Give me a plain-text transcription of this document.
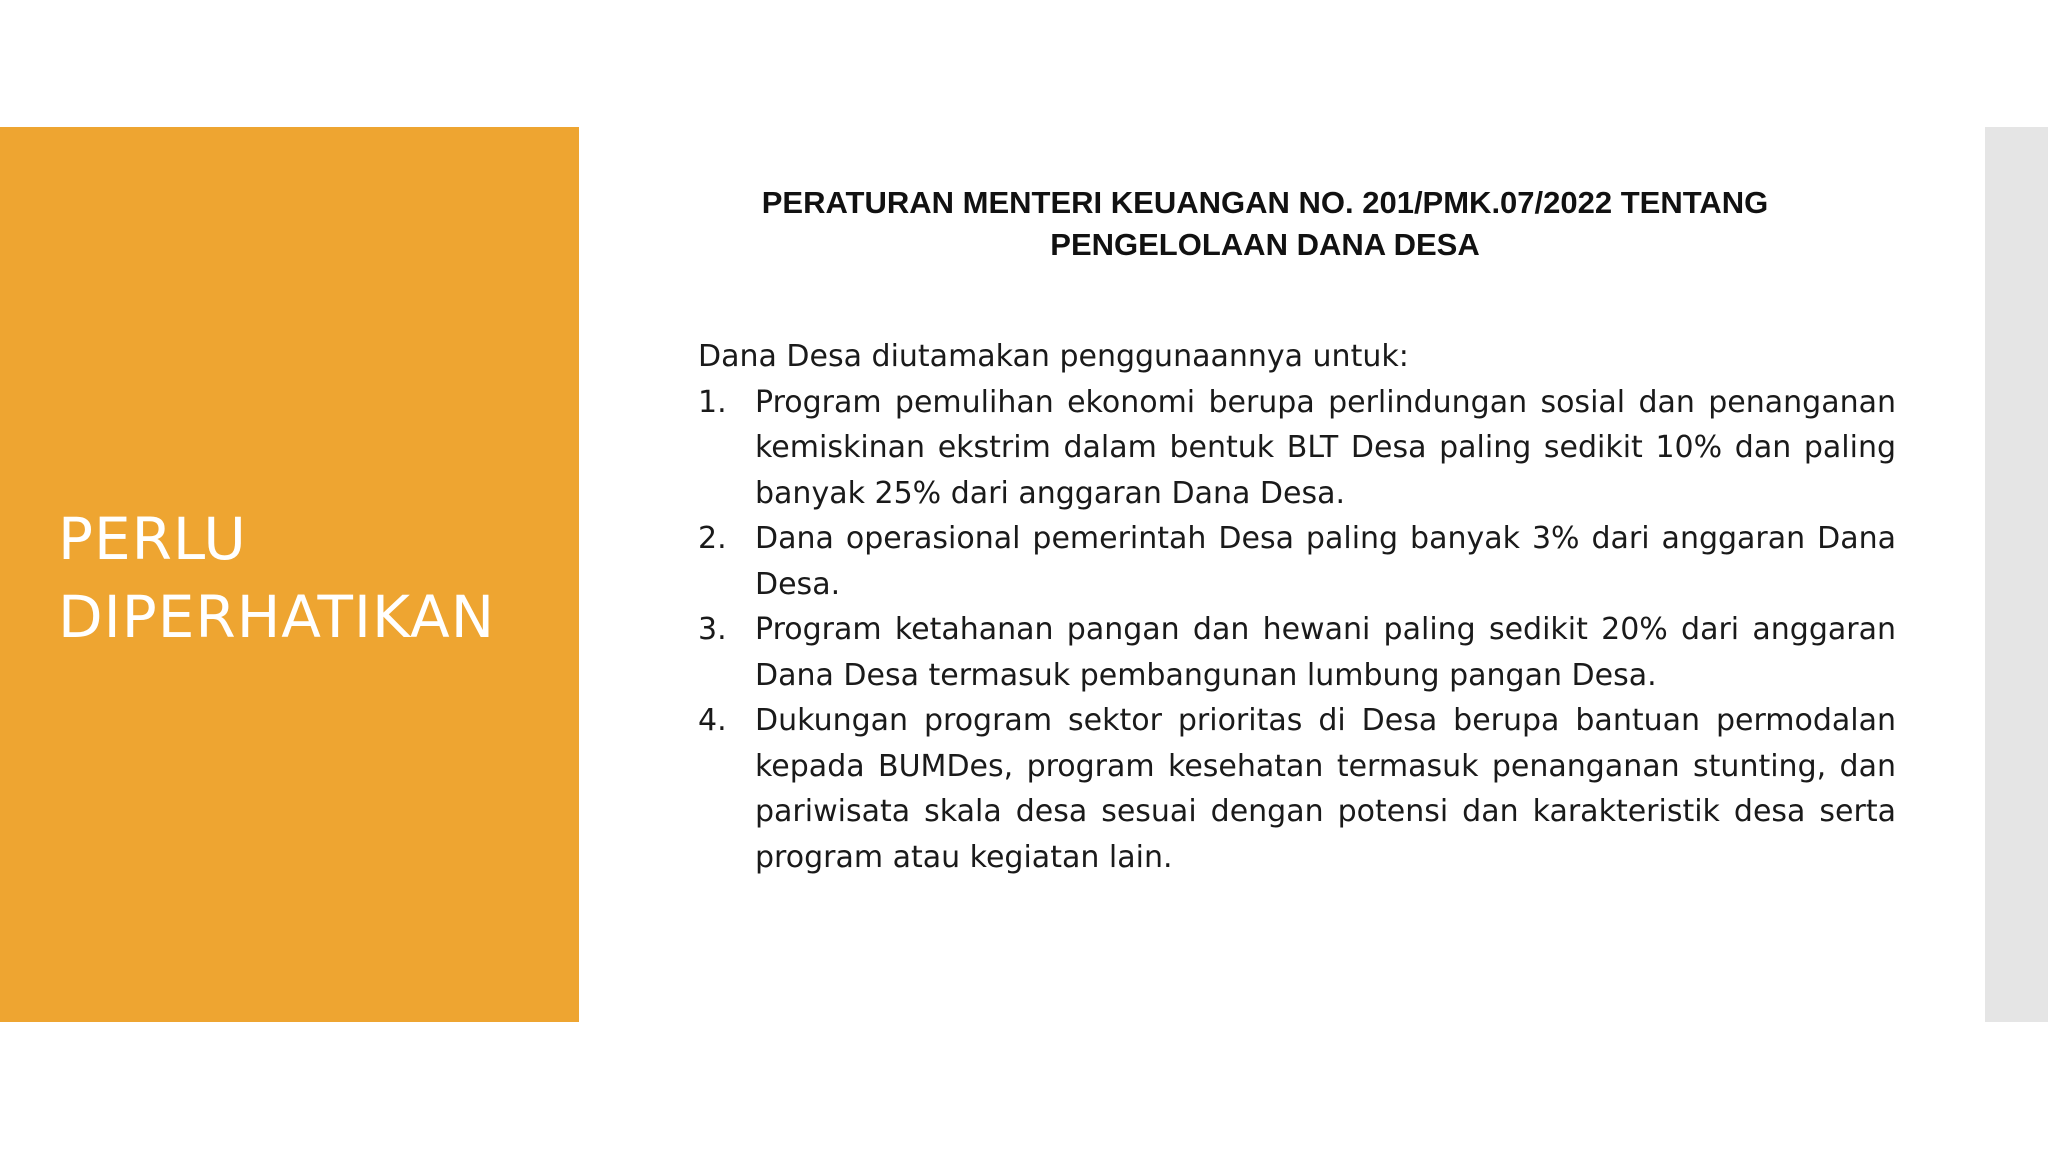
PERLU
DIPERHATIKAN
PERATURAN MENTERI KEUANGAN NO. 201/PMK.07/2022 TENTANG
PENGELOLAAN DANA DESA

Dana Desa diutamakan penggunaannya untuk:

1. Program pemulihan ekonomi berupa perlindungan sosial dan penanganan kemiskinan ekstrim dalam bentuk BLT Desa paling sedikit 10% dan paling banyak 25% dari anggaran Dana Desa.
2. Dana operasional pemerintah Desa paling banyak 3% dari anggaran Dana Desa.
3. Program ketahanan pangan dan hewani paling sedikit 20% dari anggaran Dana Desa termasuk pembangunan lumbung pangan Desa.
4. Dukungan program sektor prioritas di Desa berupa bantuan permodalan kepada BUMDes, program kesehatan termasuk penanganan stunting, dan pariwisata skala desa sesuai dengan potensi dan karakteristik desa serta program atau kegiatan lain.
